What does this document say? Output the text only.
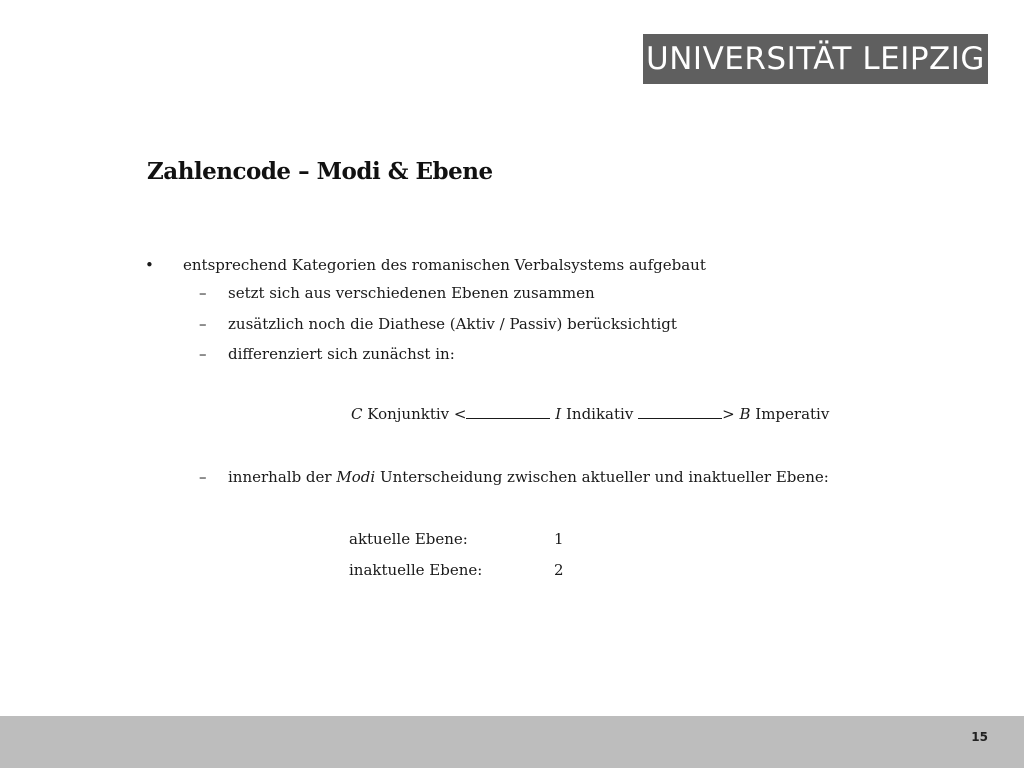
UNIVERSITÄT LEIPZIG
Zahlencode – Modi & Ebene
• entsprechend Kategorien des romanischen Verbalsystems aufgebaut
– setzt sich aus verschiedenen Ebenen zusammen
– zusätzlich noch die Diathese (Aktiv / Passiv) berücksichtigt
– differenziert sich zunächst in:
C Konjunktiv <	I Indikativ	> B Imperativ
– innerhalb der Modi Unterscheidung zwischen aktueller und inaktueller Ebene:
aktuelle Ebene:	1
inaktuelle Ebene:	2
15
